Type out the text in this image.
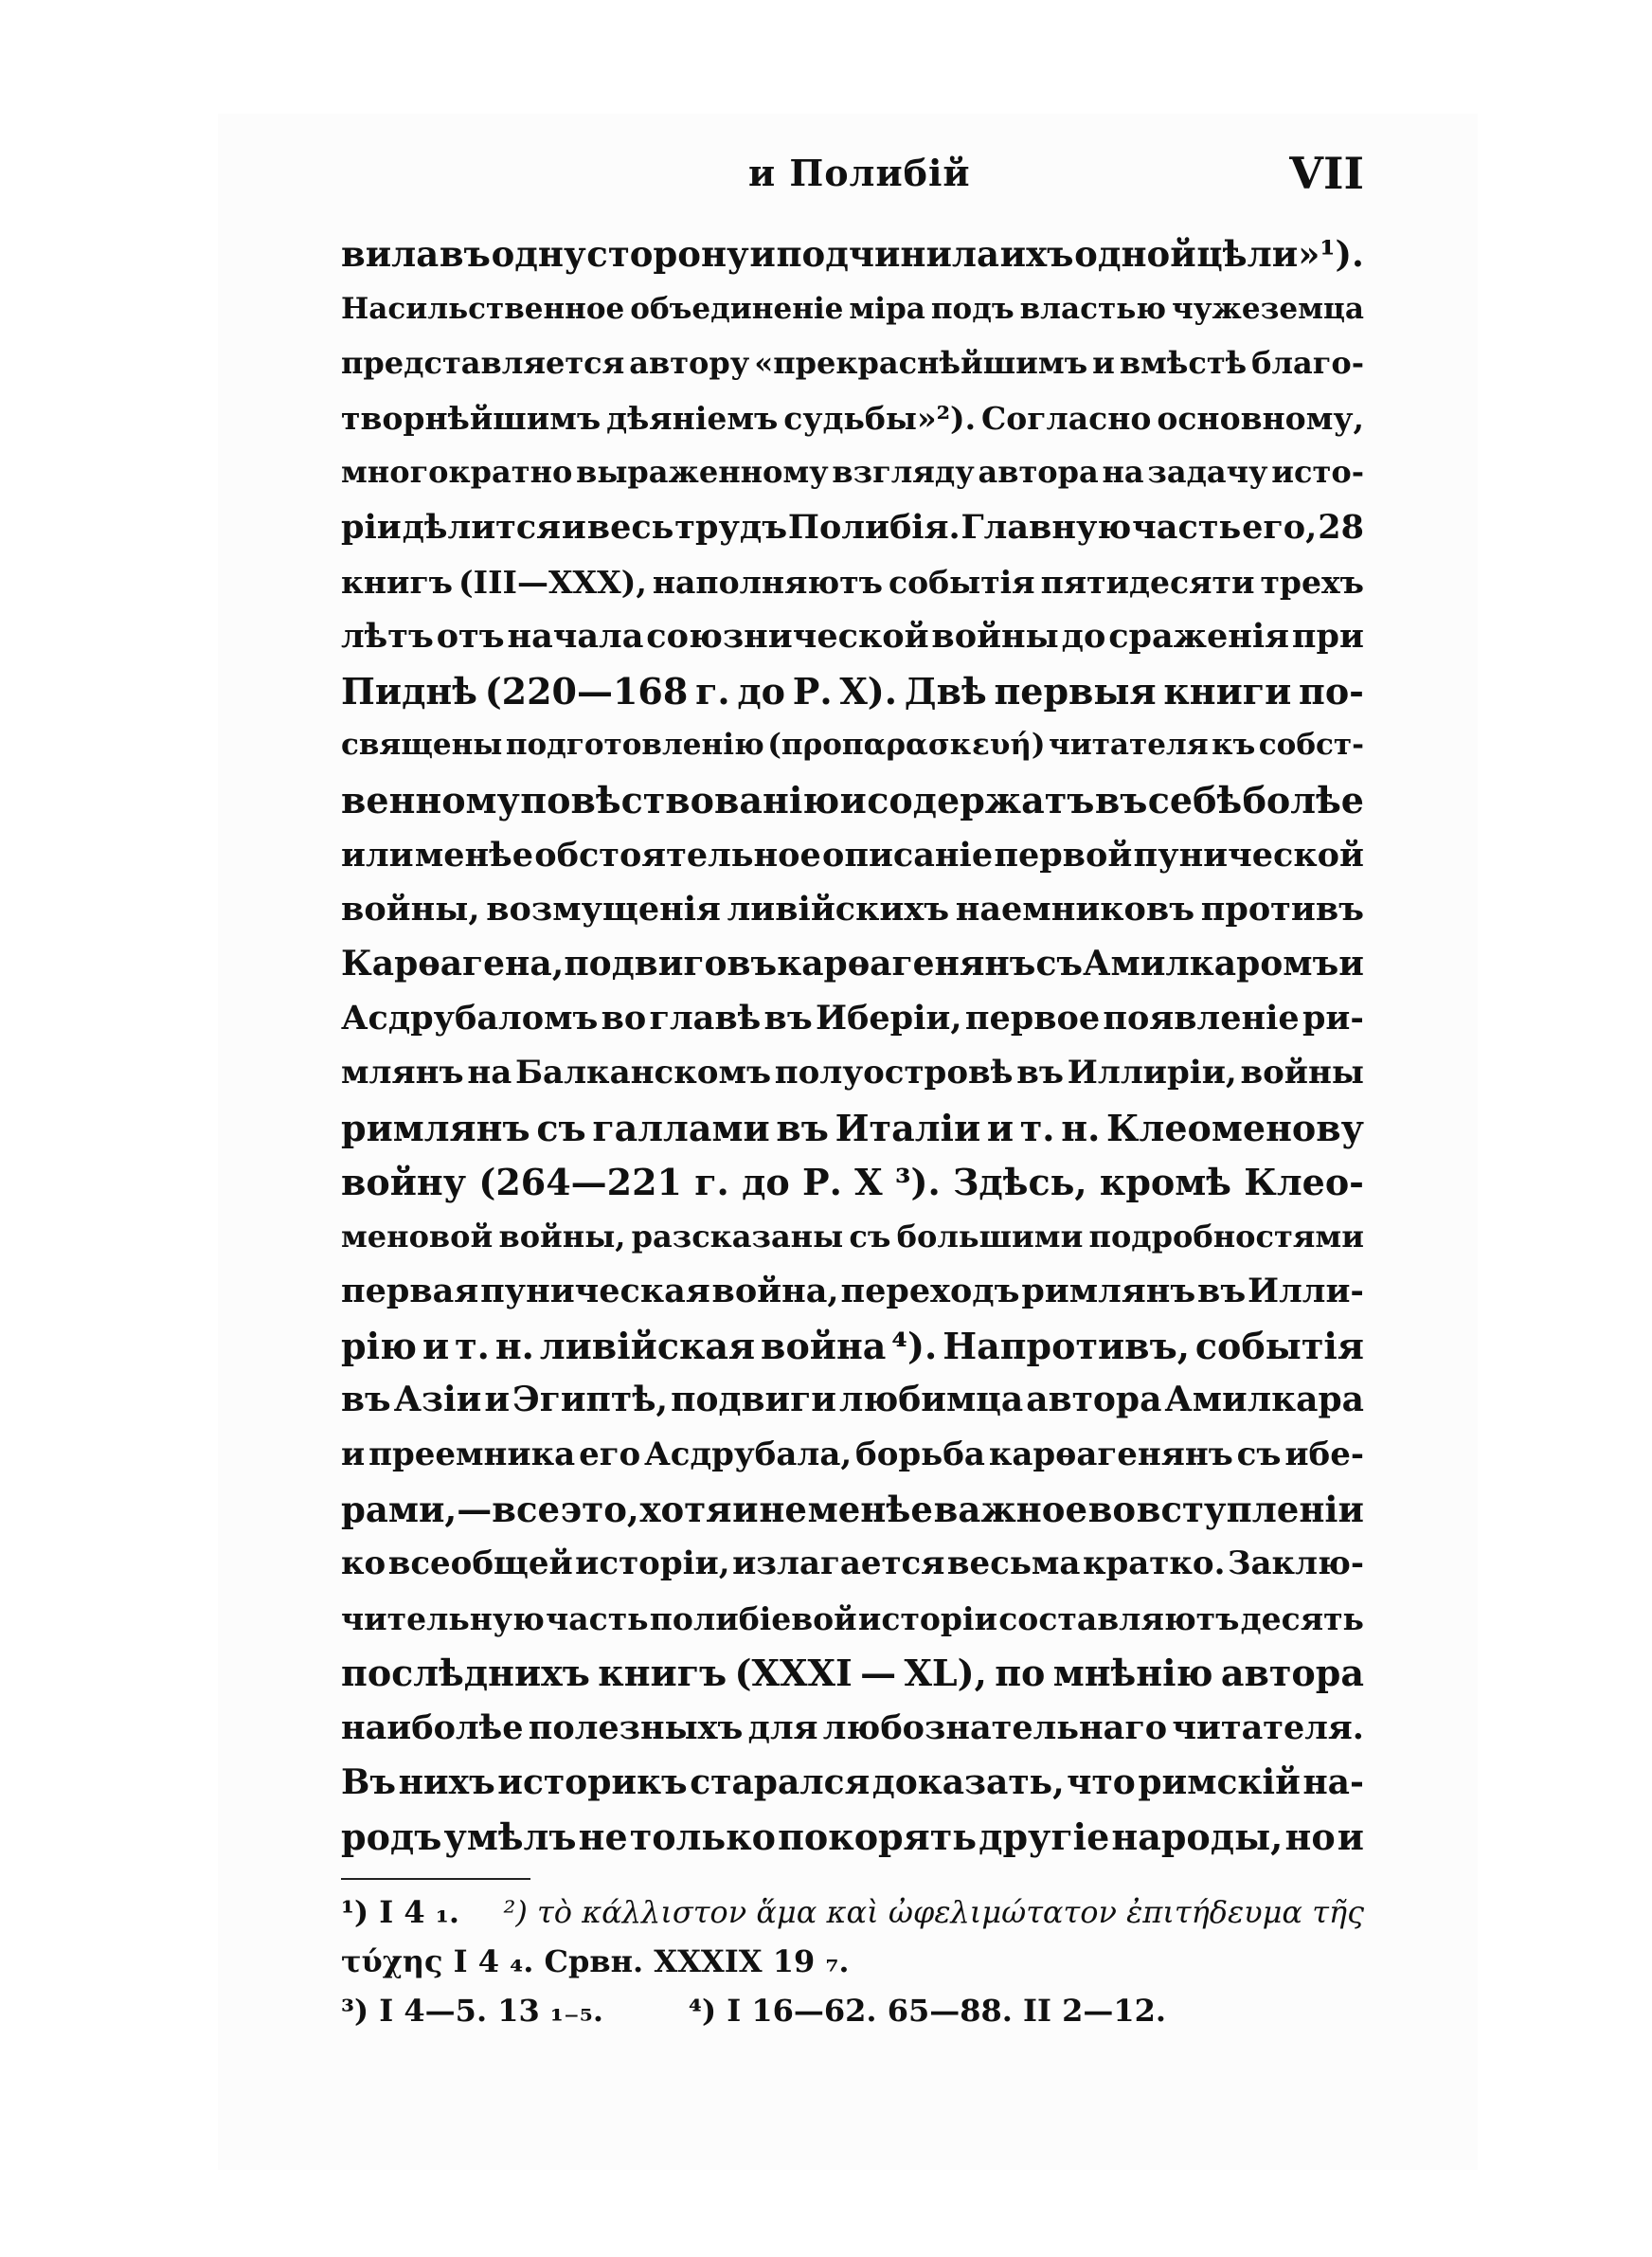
и Полибій	VII
вила въ одну сторону и подчинила ихъ одной цѣли»¹).
Насильственное объединеніе міра подъ властью чужеземца
представляется автору «прекраснѣйшимъ и вмѣстѣ благо-
творнѣйшимъ дѣяніемъ судьбы»²). Согласно основному,
многократно выраженному взгляду автора на задачу исто-
ріи дѣлится и весь трудъ Полибія. Главную часть его, 28
книгъ (III—XXX), наполняютъ событія пятидесяти трехъ
лѣтъ отъ начала союзнической войны до сраженія при
Пиднѣ (220—168 г. до Р. Х). Двѣ первыя книги по-
священы подготовленію (προπαρασκευή) читателя къ собст-
венному повѣствованію и содержатъ въ себѣ болѣе
или менѣе обстоятельное описаніе первой пунической
войны, возмущенія ливійскихъ наемниковъ противъ
Карѳагена, подвиговъ карѳагенянъ съ Амилкаромъ и
Асдрубаломъ во главѣ въ Иберіи, первое появленіе ри-
млянъ на Балканскомъ полуостровѣ въ Иллиріи, войны
римлянъ съ галлами въ Италіи и т. н. Клеоменову
войну (264—221 г. до Р. Х ³). Здѣсь, кромѣ Клео-
меновой войны, разсказаны съ большими подробностями
первая пуническая война, переходъ римлянъ въ Илли-
рію и т. н. ливійская война ⁴). Напротивъ, событія
въ Азіи и Эгиптѣ, подвиги любимца автора Амилкара
и преемника его Асдрубала, борьба карѳагенянъ съ ибе-
рами,—все это, хотя и не менѣе важное во вступленіи
ко всеобщей исторіи, излагается весьма кратко. Заклю-
чительную часть полибіевой исторіи составляютъ десять
послѣднихъ книгъ (XXXI — XL), по мнѣнію автора
наиболѣе полезныхъ для любознательнаго читателя.
Въ нихъ историкъ старался доказать, что римскій на-
родъ умѣлъ не только покорять другіе народы, но и
¹) I 4 ₁. ²) τὸ κάλλιστον ἅμα καὶ ὠφελιμώτατον ἐπιτήδευμα τῆς
τύχης I 4 ₄. Срвн. XXXIX 19 ₇.
³) I 4—5. 13 ₁₋₅.	⁴) I 16—62. 65—88. II 2—12.
